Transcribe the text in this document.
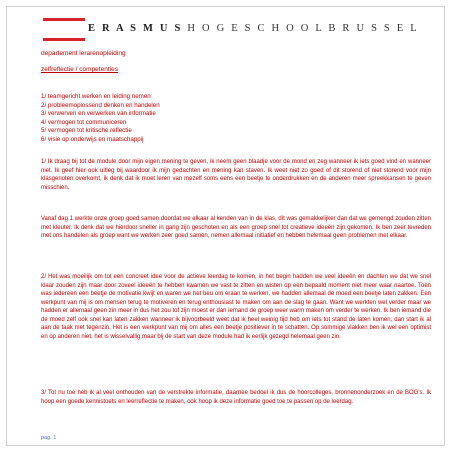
E R A S M U S H O G E S C H O O L B R U S S E L
departement lerarenopleiding
zelfreflectie / competenties
1/ teamgericht werken en leiding nemen
2/ probleemoplossend denken en handelen
3/ verwerven en verwerken van informatie
4/ vermogen tot communiceren
5/ vermogen tot kritische reflectie
6/ visie op onderwijs en maatschappij

1/ Ik draag bij tot de module door mijn eigen mening te geven, ik neem geen blaadje voor de mond en zeg wanneer ik iets goed vind en wanneer niet. Ik geef hier ook uitleg bij waardoor ik mijn gedachten en mening kan staven. Ik weet niet zo goed of dit storend of niet storend voor mijn klasgenoten overkomt, ik denk dat ik moet leren van mezelf soms eens een beetje te onderdrukken en de anderen meer spreekkansen te geven misschien.

Vanaf dag 1 werkte onze groep goed samen doordat we elkaar al kenden van in de klas, dit was gemakkelijker dan dat we gemengd zouden zitten met kleuter. Ik denk dat we hierdoor sneller in gang zijn geschoten en als een groep snel tot creatieve ideeën zijn gekomen. Ik ben zeer tevreden met ons handelen als groep want we werken zeer goed samen, nemen allemaal initiatief en hebben helemaal geen problemen met elkaar.

2/ Het was moeilijk om tot een concreet idee voor de actieve leerdag te komen, in het begin hadden we veel ideeën en dachten we dat we snel klaar zouden zijn maar door zoveel ideeën te hebben kwamen we vast te zitten en wisten op een bepaald moment niet meer waar naartoe. Toen was iedereen een beetje de motivatie kwijt en waren we het beu om eraan te werken, we hadden allemaal de moed een beetje laten zakken. Een werkpunt van mij is om mensen terug te motiveren en terug enthousiast te maken om aan de slag te gaan. Want we werkten wel verder maar we hadden er allemaal geen zin meer in dus het zou tof zijn moest er dan iemand de groep weer warm maken om verder te werken. Ik ben iemand die de moed zelf ook snel kan laten zakken wanneer ik bijvoorbeeld weet dat ik heel weinig tijd heb om iets tot stand de laten komen, dan start ik al aan de taak met tegenzin. Het is een werkpunt van mij om alles een beetje positiever in te schatten. Op sommige vlakken ben ik wel een optimist en op anderen niet, het is wisselvallig maar bij de start van deze module had ik eerlijk gezegd helemaal geen zin.

3/ Tot nu toe heb ik al veel onthouden van de verstrekte informatie, daarnee bedoel ik dus de hoorcolleges, bronnenonderzoek en de BOG's. Ik hoop een goede kennistoets en leerreflectie te maken, ook hoop ik deze informatie goed toe te passen op de leerdag.

pag. 1
